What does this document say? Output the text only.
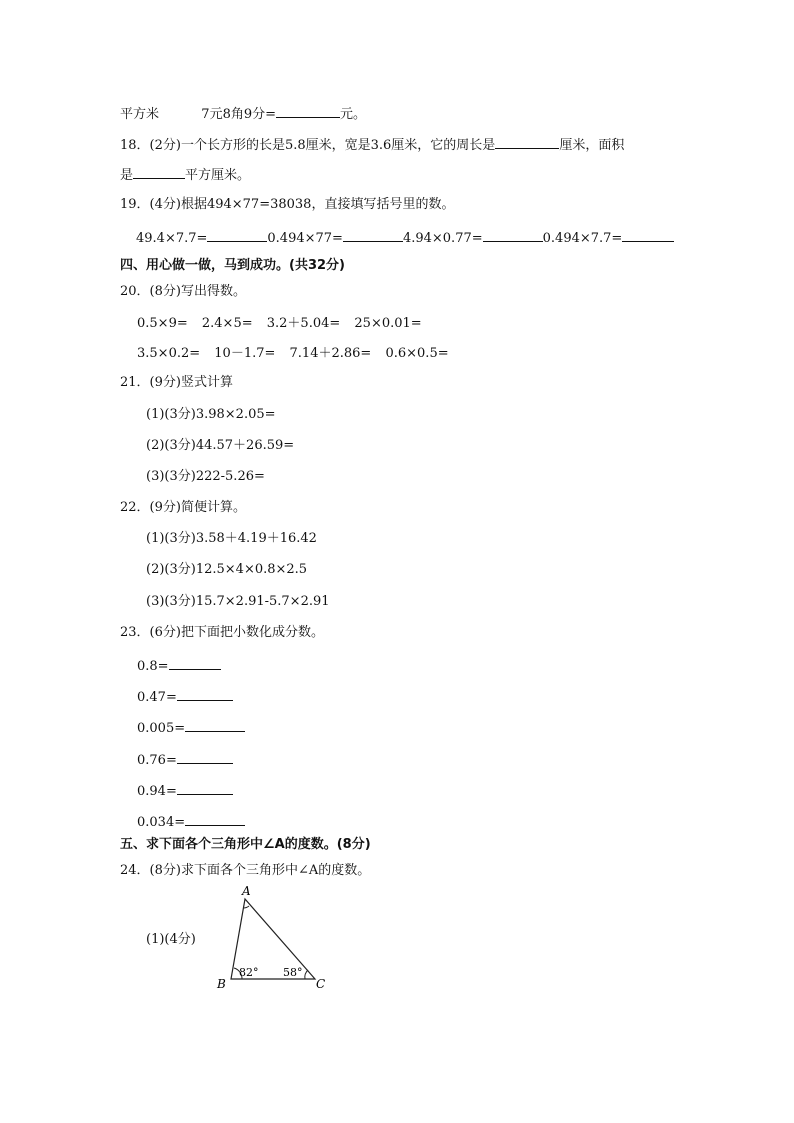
平方米	7元8角9分=	元。
18．(2分)一个长方形的长是5.8厘米，宽是3.6厘米，它的周长是	厘米，面积
是	平方厘米。
19．(4分)根据494×77=38038，直接填写括号里的数。
49.4×7.7=	0.494×77=	4.94×0.77=	0.494×7.7=
四、用心做一做，马到成功。(共32分)
20．(8分)写出得数。
0.5×9= 2.4×5= 3.2＋5.04= 25×0.01=
3.5×0.2= 10－1.7= 7.14＋2.86= 0.6×0.5=
21．(9分)竖式计算
(1)(3分)3.98×2.05=
(2)(3分)44.57＋26.59=
(3)(3分)222-5.26=
22．(9分)简便计算。
(1)(3分)3.58＋4.19＋16.42
(2)(3分)12.5×4×0.8×2.5
(3)(3分)15.7×2.91-5.7×2.91
23．(6分)把下面把小数化成分数。
0.8=
0.47=
0.005=
0.76=
0.94=
0.034=
五、求下面各个三角形中∠A的度数。(8分)
24．(8分)求下面各个三角形中∠A的度数。
(1)(4分)
A
B	C
82° 58°
